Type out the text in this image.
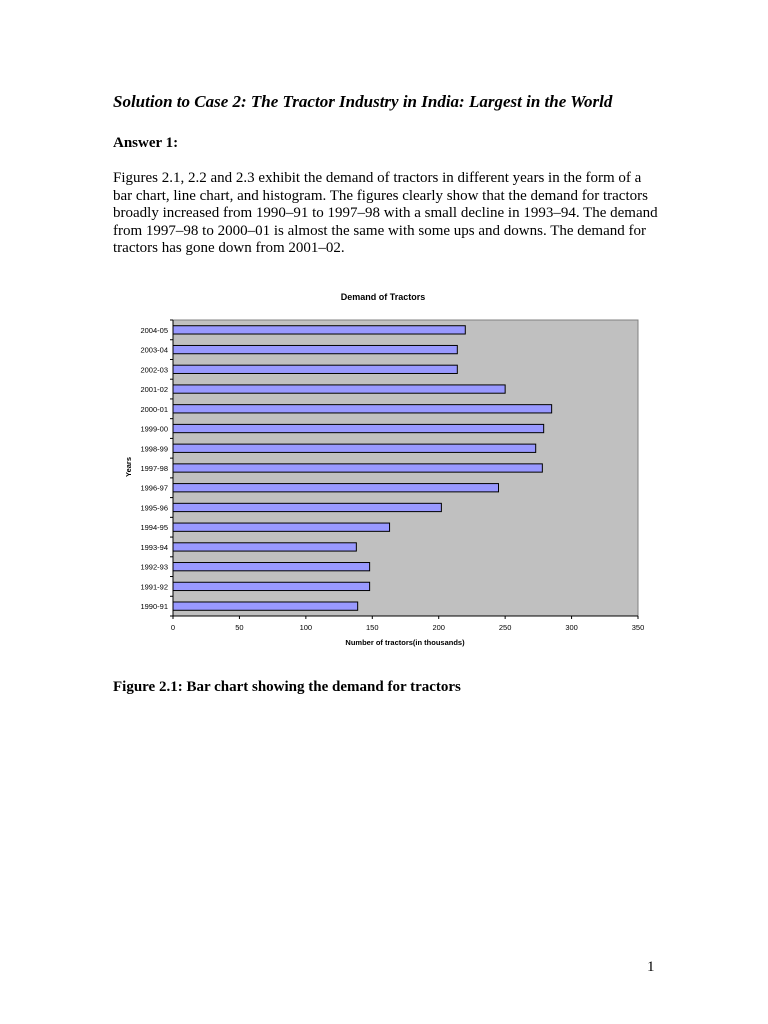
Solution to Case 2: The Tractor Industry in India: Largest in the World

Answer 1:

Figures 2.1, 2.2 and 2.3 exhibit the demand of tractors in different years in the form of a bar chart, line chart, and histogram. The figures clearly show that the demand for tractors broadly increased from 1990–91 to 1997–98 with a small decline in 1993–94. The demand from 1997–98 to 2000–01 is almost the same with some ups and downs. The demand for tractors has gone down from 2001–02.

Demand of Tractors
1990-91
1991-92
1992-93
1993-94
1994-95
1995-96
1996-97
1997-98
1998-99
1999-00
2000-01
2001-02
2002-03
2003-04
2004-05
0	50	100	150	200	250	300	350
Number of tractors(in thousands)
Years

Figure 2.1: Bar chart showing the demand for tractors

1
